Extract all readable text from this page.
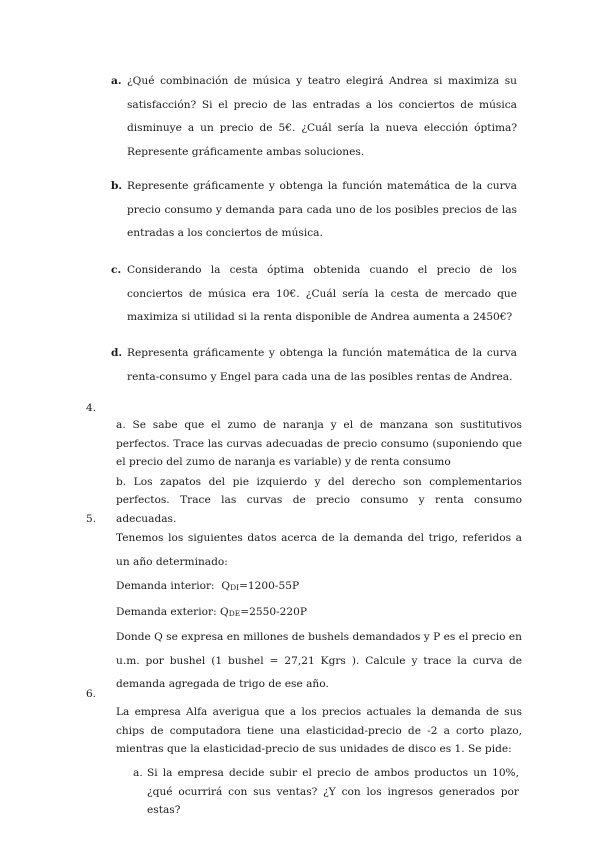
a. ¿Qué combinación de música y teatro elegirá Andrea si maximiza su satisfacción? Si el precio de las entradas a los conciertos de música disminuye a un precio de 5€. ¿Cuál sería la nueva elección óptima? Represente gráficamente ambas soluciones.
b. Represente gráficamente y obtenga la función matemática de la curva precio consumo y demanda para cada uno de los posibles precios de las entradas a los conciertos de música.
c. Considerando la cesta óptima obtenida cuando el precio de los conciertos de música era 10€. ¿Cuál sería la cesta de mercado que maximiza si utilidad si la renta disponible de Andrea aumenta a 2450€?
d. Representa gráficamente y obtenga la función matemática de la curva renta-consumo y Engel para cada una de las posibles rentas de Andrea.
4.

a. Se sabe que el zumo de naranja y el de manzana son sustitutivos perfectos. Trace las curvas adecuadas de precio consumo (suponiendo que el precio del zumo de naranja es variable) y de renta consumo

b. Los zapatos del pie izquierdo y del derecho son complementarios perfectos. Trace las curvas de precio consumo y renta consumo adecuadas.

5.

Tenemos los siguientes datos acerca de la demanda del trigo, referidos a un año determinado:

Demanda interior: QDI=1200-55P

Demanda exterior: QDE=2550-220P

Donde Q se expresa en millones de bushels demandados y P es el precio en u.m. por bushel (1 bushel = 27,21 Kgrs ). Calcule y trace la curva de demanda agregada de trigo de ese año.

6.
La empresa Alfa averigua que a los precios actuales la demanda de sus chips de computadora tiene una elasticidad-precio de -2 a corto plazo, mientras que la elasticidad-precio de sus unidades de disco es 1. Se pide:
a. Si la empresa decide subir el precio de ambos productos un 10%, ¿qué ocurrirá con sus ventas? ¿Y con los ingresos generados por estas?
